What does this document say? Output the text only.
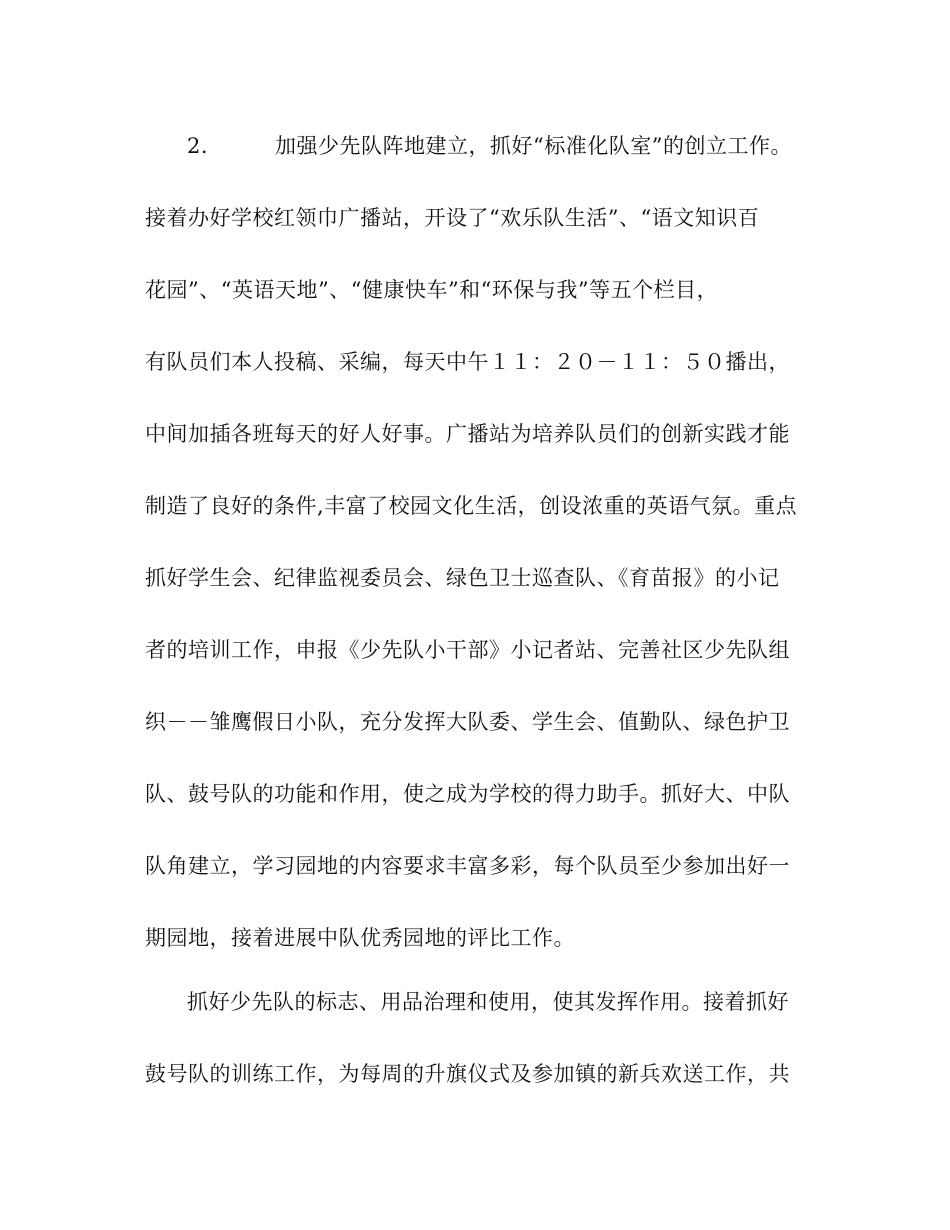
2.	加强少先队阵地建立，抓好“标准化队室”的创立工作。
接着办好学校红领巾广播站，开设了“欢乐队生活”、“语文知识百
花园”、“英语天地”、“健康快车”和“环保与我”等五个栏目，
有队员们本人投稿、采编，每天中午１１：２０－１１：５０播出，
中间加插各班每天的好人好事。广播站为培养队员们的创新实践才能
制造了良好的条件,丰富了校园文化生活，创设浓重的英语气氛。重点
抓好学生会、纪律监视委员会、绿色卫士巡查队、《育苗报》的小记
者的培训工作，申报《少先队小干部》小记者站、完善社区少先队组
织－－雏鹰假日小队，充分发挥大队委、学生会、值勤队、绿色护卫
队、鼓号队的功能和作用，使之成为学校的得力助手。抓好大、中队
队角建立，学习园地的内容要求丰富多彩，每个队员至少参加出好一
期园地，接着进展中队优秀园地的评比工作。
抓好少先队的标志、用品治理和使用，使其发挥作用。接着抓好
鼓号队的训练工作，为每周的升旗仪式及参加镇的新兵欢送工作，共
